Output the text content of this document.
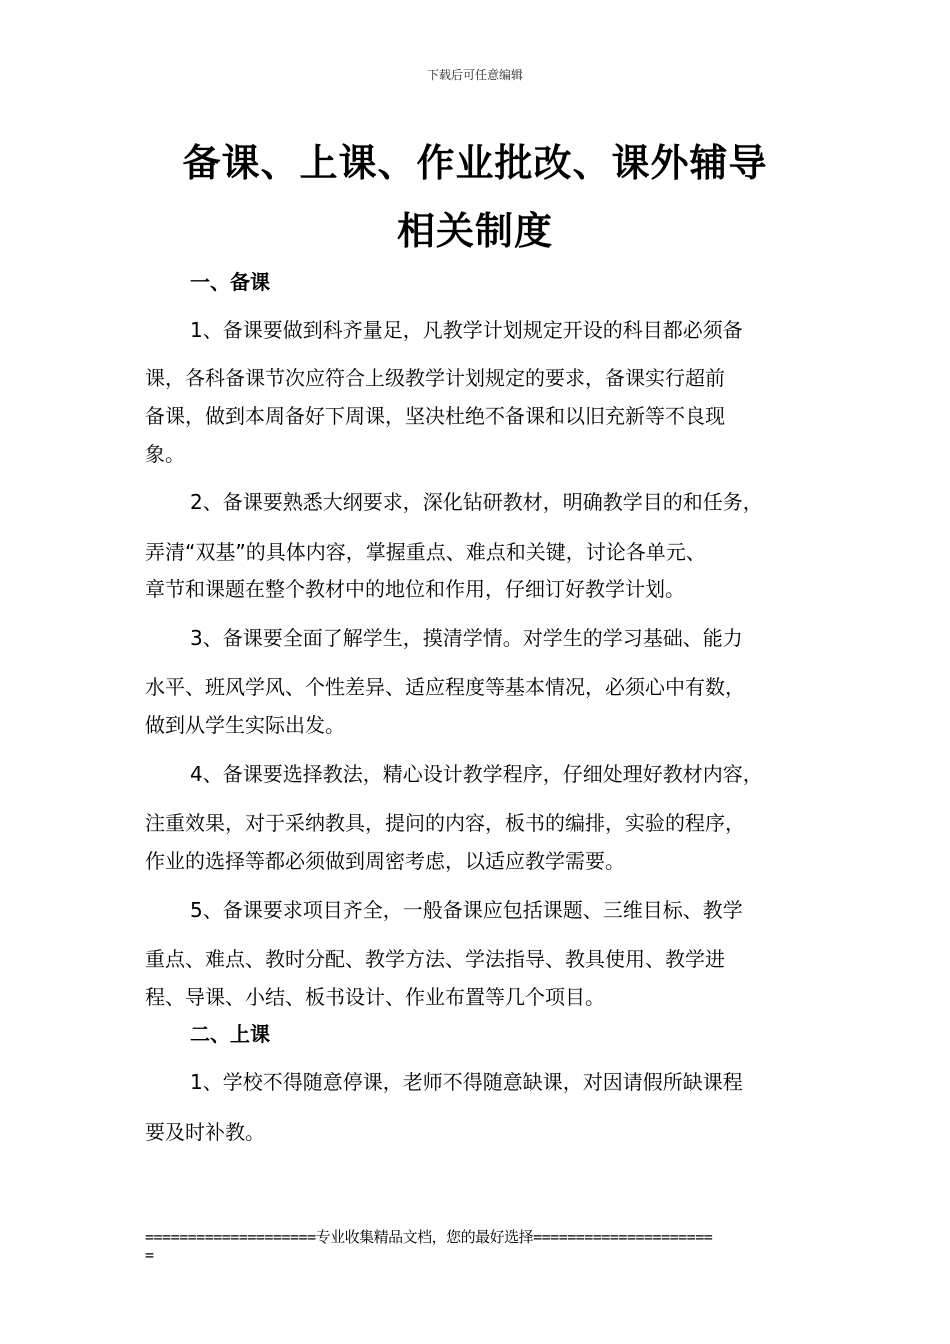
下载后可任意编辑
备课、上课、作业批改、课外辅导
相关制度
一、备课
1、备课要做到科齐量足，凡教学计划规定开设的科目都必须备
课，各科备课节次应符合上级教学计划规定的要求，备课实行超前
备课，做到本周备好下周课，坚决杜绝不备课和以旧充新等不良现
象。
2、备课要熟悉大纲要求，深化钻研教材，明确教学目的和任务，
弄清“双基”的具体内容，掌握重点、难点和关键，讨论各单元、
章节和课题在整个教材中的地位和作用，仔细订好教学计划。
3、备课要全面了解学生，摸清学情。对学生的学习基础、能力
水平、班风学风、个性差异、适应程度等基本情况，必须心中有数，
做到从学生实际出发。
4、备课要选择教法，精心设计教学程序，仔细处理好教材内容，
注重效果，对于采纳教具，提问的内容，板书的编排，实验的程序，
作业的选择等都必须做到周密考虑，以适应教学需要。
5、备课要求项目齐全，一般备课应包括课题、三维目标、教学
重点、难点、教时分配、教学方法、学法指导、教具使用、教学进
程、导课、小结、板书设计、作业布置等几个项目。
二、上课
1、学校不得随意停课，老师不得随意缺课，对因请假所缺课程
要及时补教。
====================专业收集精品文档，您的最好选择=====================
=
